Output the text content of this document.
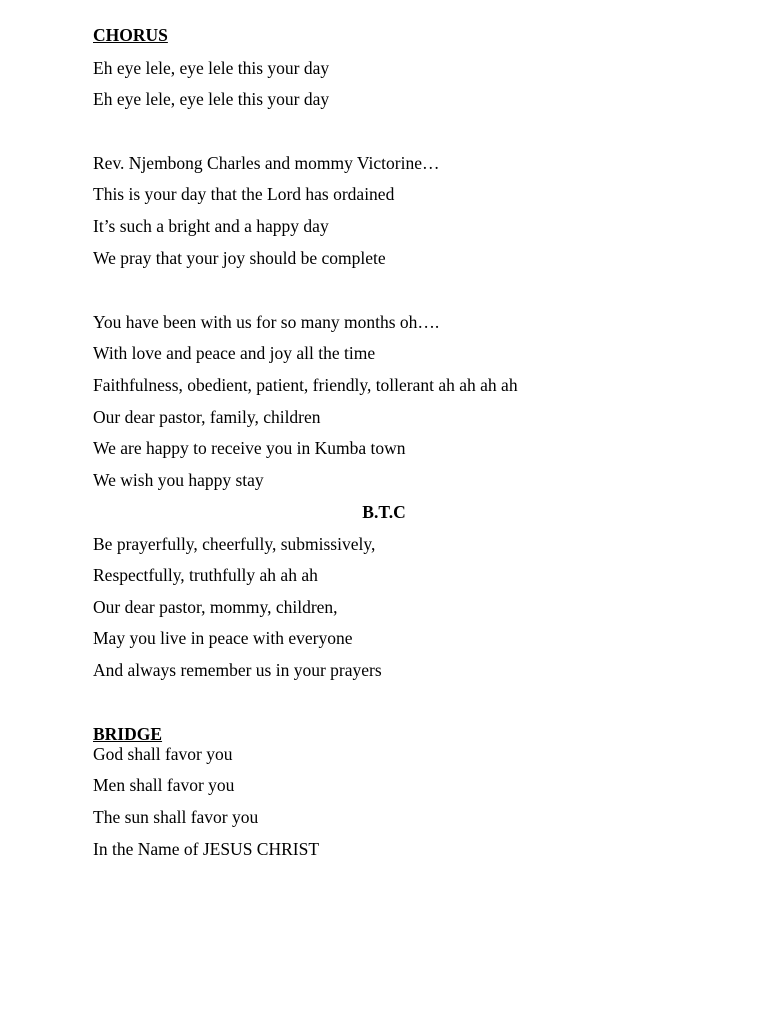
CHORUS
Eh eye lele, eye lele this your day
Eh eye lele, eye lele this your day
Rev. Njembong Charles and mommy Victorine…
This is your day that the Lord has ordained
It’s such a bright and a happy day
We pray that your joy should be complete
You have been with us for so many months oh….
With love and peace and joy all the time
Faithfulness, obedient, patient, friendly, tollerant ah ah ah ah
Our dear pastor, family, children
We are happy to receive you in Kumba town
We wish you happy stay
B.T.C
Be prayerfully, cheerfully, submissively,
Respectfully, truthfully ah ah ah
Our dear pastor, mommy, children,
May you live in peace with everyone
And always remember us in your prayers
BRIDGE
God shall favor you
Men shall favor you
The sun shall favor you
In the Name of JESUS CHRIST
